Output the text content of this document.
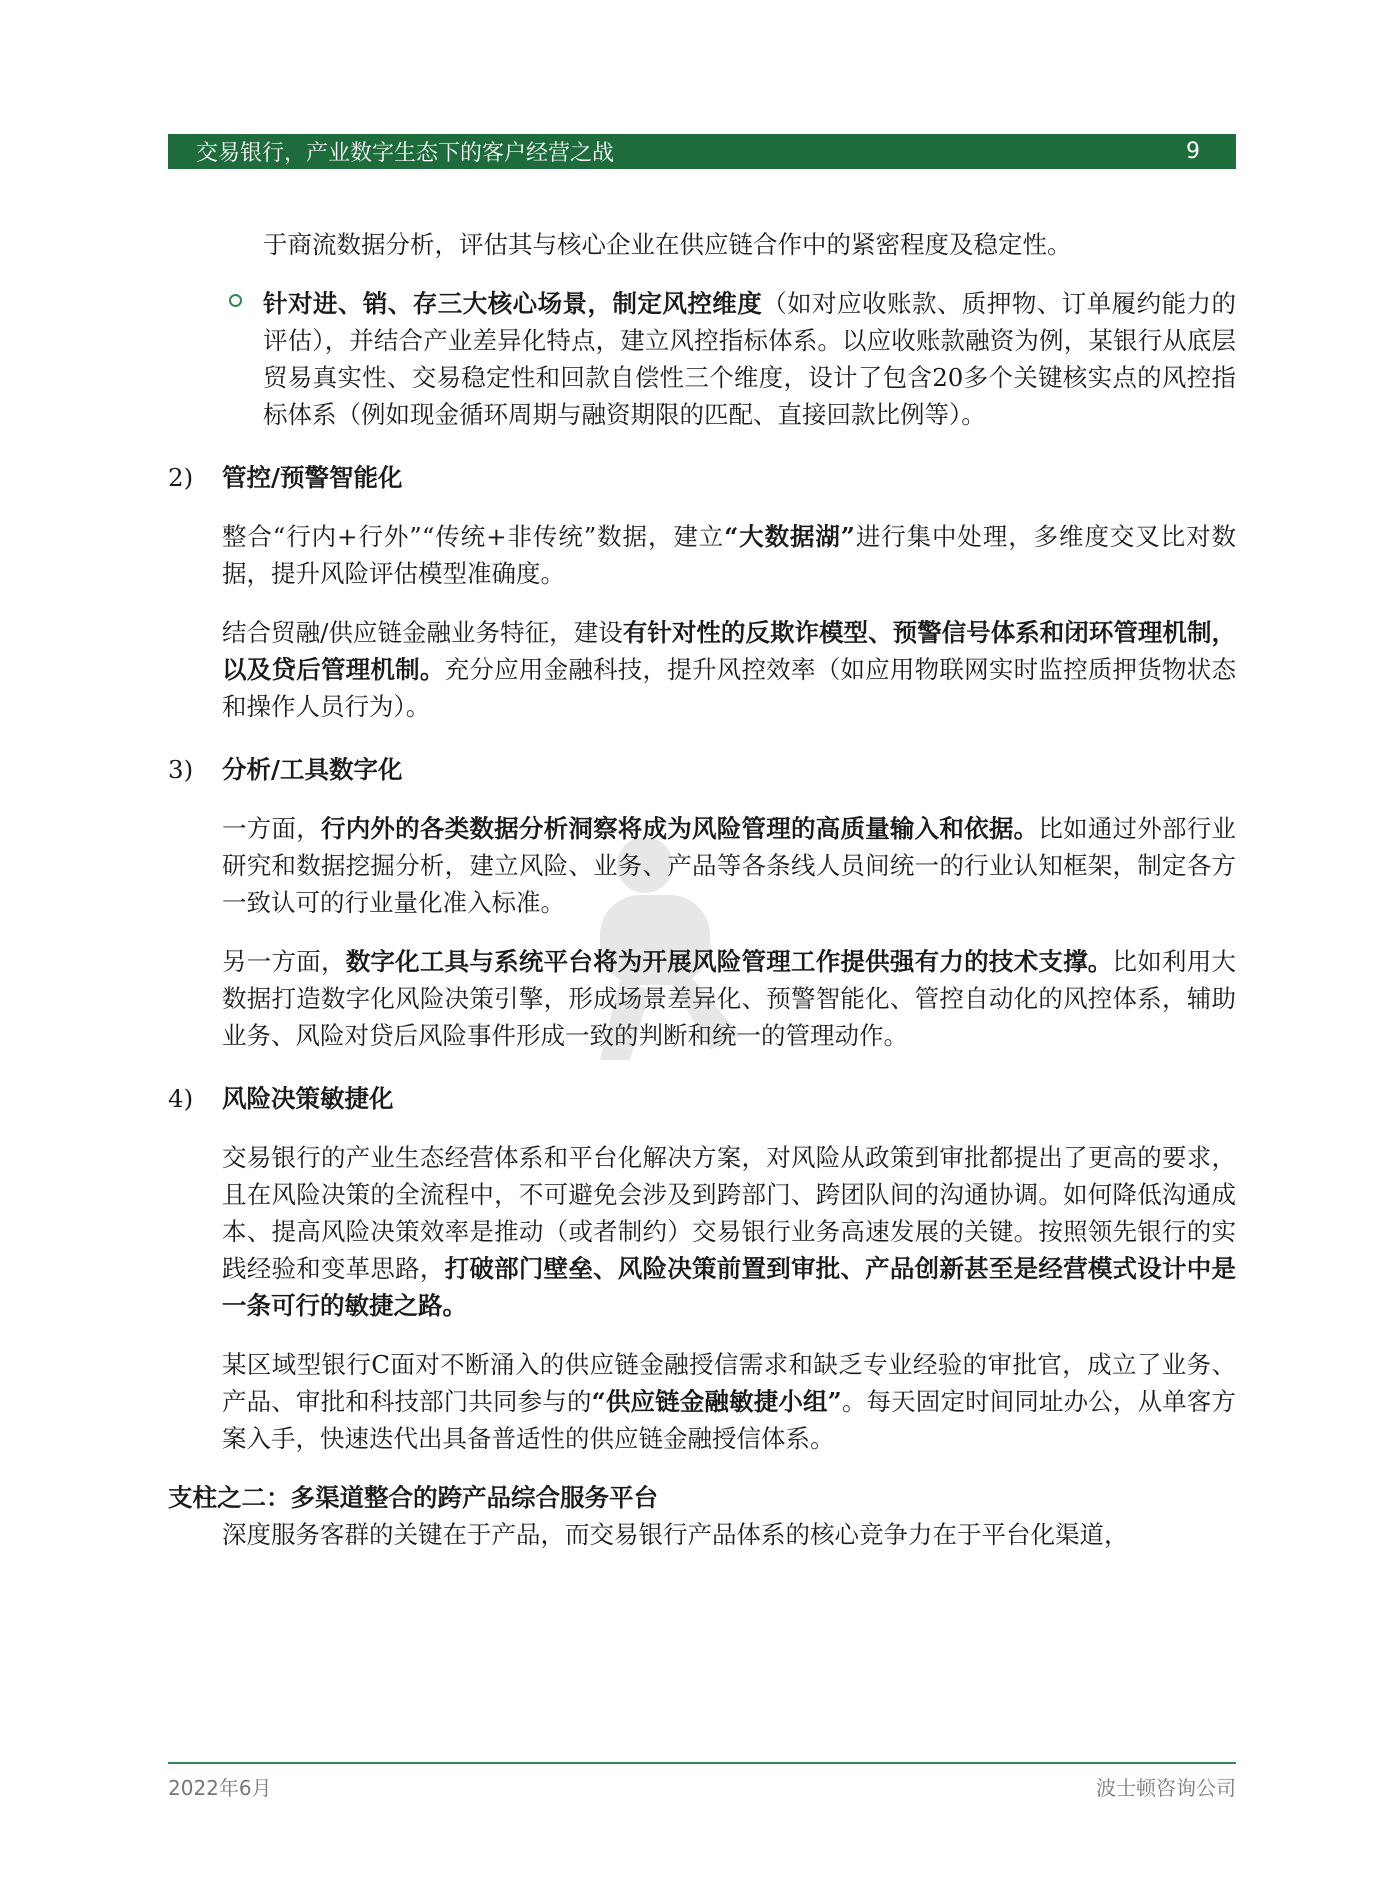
交易银行，产业数字生态下的客户经营之战	9

于商流数据分析，评估其与核心企业在供应链合作中的紧密程度及稳定性。

针对进、销、存三大核心场景，制定风控维度（如对应收账款、质押物、订单履约能力的评估），并结合产业差异化特点，建立风控指标体系。以应收账款融资为例，某银行从底层贸易真实性、交易稳定性和回款自偿性三个维度，设计了包含20多个关键核实点的风控指标体系（例如现金循环周期与融资期限的匹配、直接回款比例等）。
2)	管控/预警智能化

整合“行内+行外”“传统+非传统”数据，建立“大数据湖”进行集中处理，多维度交叉比对数据，提升风险评估模型准确度。

结合贸融/供应链金融业务特征，建设有针对性的反欺诈模型、预警信号体系和闭环管理机制，以及贷后管理机制。充分应用金融科技，提升风控效率（如应用物联网实时监控质押货物状态和操作人员行为）。

3)	分析/工具数字化

一方面，行内外的各类数据分析洞察将成为风险管理的高质量输入和依据。比如通过外部行业研究和数据挖掘分析，建立风险、业务、产品等各条线人员间统一的行业认知框架，制定各方一致认可的行业量化准入标准。

另一方面，数字化工具与系统平台将为开展风险管理工作提供强有力的技术支撑。比如利用大数据打造数字化风险决策引擎，形成场景差异化、预警智能化、管控自动化的风控体系，辅助业务、风险对贷后风险事件形成一致的判断和统一的管理动作。

4)	风险决策敏捷化

交易银行的产业生态经营体系和平台化解决方案，对风险从政策到审批都提出了更高的要求，且在风险决策的全流程中，不可避免会涉及到跨部门、跨团队间的沟通协调。如何降低沟通成本、提高风险决策效率是推动（或者制约）交易银行业务高速发展的关键。按照领先银行的实践经验和变革思路，打破部门壁垒、风险决策前置到审批、产品创新甚至是经营模式设计中是一条可行的敏捷之路。

某区域型银行C面对不断涌入的供应链金融授信需求和缺乏专业经验的审批官，成立了业务、产品、审批和科技部门共同参与的“供应链金融敏捷小组”。每天固定时间同址办公，从单客方案入手，快速迭代出具备普适性的供应链金融授信体系。

支柱之二：多渠道整合的跨产品综合服务平台

深度服务客群的关键在于产品，而交易银行产品体系的核心竞争力在于平台化渠道，

2022年6月	波士顿咨询公司
